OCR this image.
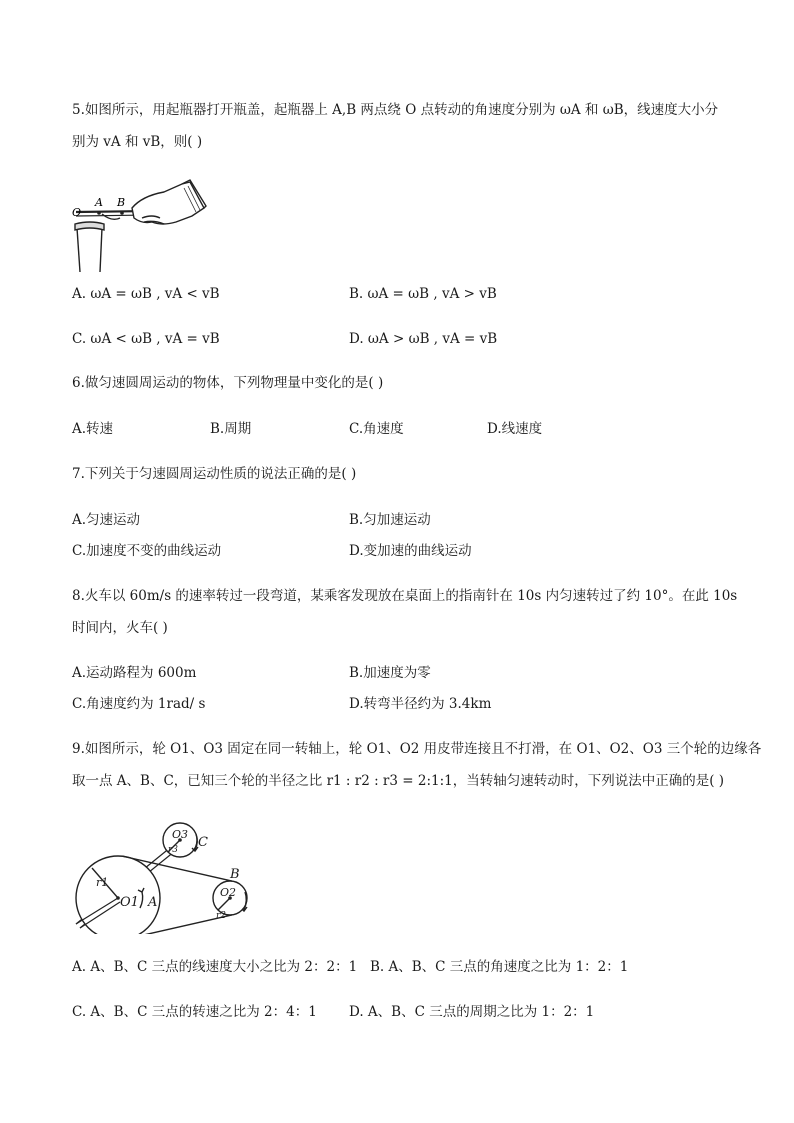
5.如图所示，用起瓶器打开瓶盖，起瓶器上 A,B 两点绕 O 点转动的角速度分别为 ωA 和 ωB，线速度大小分
别为 vA 和 vB，则( )
O
A B
A. ωA = ωB , vA < vB	B. ωA = ωB , vA > vB
C. ωA < ωB , vA = vB	D. ωA > ωB , vA = vB
6.做匀速圆周运动的物体，下列物理量中变化的是( )
A.转速	B.周期	C.角速度	D.线速度
7.下列关于匀速圆周运动性质的说法正确的是( )
A.匀速运动	B.匀加速运动
C.加速度不变的曲线运动	D.变加速的曲线运动
8.火车以 60m/s 的速率转过一段弯道，某乘客发现放在桌面上的指南针在 10s 内匀速转过了约 10°。在此 10s
时间内，火车( )
A.运动路程为 600m	B.加速度为零
C.角速度约为 1rad/ s	D.转弯半径约为 3.4km
9.如图所示，轮 O1、O3 固定在同一转轴上，轮 O1、O2 用皮带连接且不打滑，在 O1、O2、O3 三个轮的边缘各
取一点 A、B、C，已知三个轮的半径之比 r1 : r2 : r3 = 2:1:1，当转轴匀速转动时，下列说法中正确的是( )
O1
O2
O3
r1
r2
r3
A
B
C
A. A、B、C 三点的线速度大小之比为 2：2：1 B. A、B、C 三点的角速度之比为 1：2：1
C. A、B、C 三点的转速之比为 2：4：1 D. A、B、C 三点的周期之比为 1：2：1
